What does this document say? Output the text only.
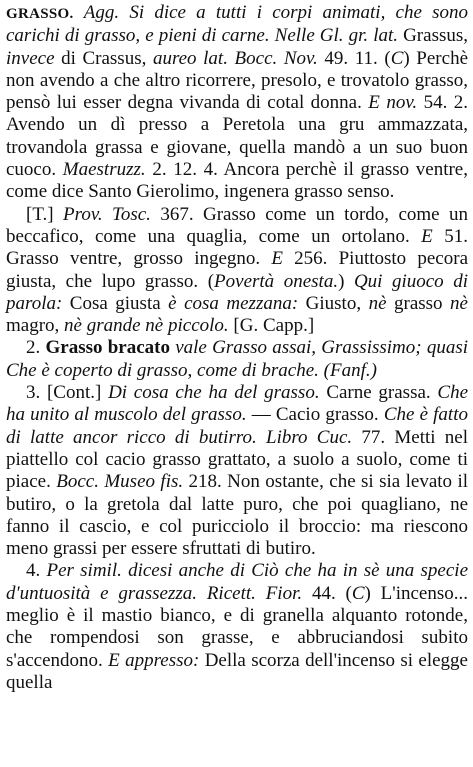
GRASSO. Agg. Si dice a tutti i corpi animati, che sono carichi di grasso, e pieni di carne. Nelle Gl. gr. lat. Grassus, invece di Crassus, aureo lat. Bocc. Nov. 49. 11. (C) Perchè non avendo a che altro ricorrere, presolo, e trovatolo grasso, pensò lui esser degna vivanda di cotal donna. E nov. 54. 2. Avendo un dì presso a Peretola una gru ammazzata, trovandola grassa e giovane, quella mandò a un suo buon cuoco. Maestruzz. 2. 12. 4. Ancora perchè il grasso ventre, come dice Santo Gierolimo, ingenera grasso senso.

[T.] Prov. Tosc. 367. Grasso come un tordo, come un beccafico, come una quaglia, come un ortolano. E 51. Grasso ventre, grosso ingegno. E 256. Piuttosto pecora giusta, che lupo grasso. (Povertà onesta.) Qui giuoco di parola: Cosa giusta è cosa mezzana: Giusto, nè grasso nè magro, nè grande nè piccolo. [G. Capp.]

2. Grasso bracato vale Grasso assai, Grassissimo; quasi Che è coperto di grasso, come di brache. (Fanf.)

3. [Cont.] Di cosa che ha del grasso. Carne grassa. Che ha unito al muscolo del grasso. — Cacio grasso. Che è fatto di latte ancor ricco di butirro. Libro Cuc. 77. Metti nel piattello col cacio grasso grattato, a suolo a suolo, come ti piace. Bocc. Museo fis. 218. Non ostante, che si sia levato il butiro, o la gretola dal latte puro, che poi quagliano, ne fanno il cascio, e col puricciolo il broccio: ma riescono meno grassi per essere sfruttati di butiro.

4. Per simil. dicesi anche di Ciò che ha in sè una specie d'untuosità e grassezza. Ricett. Fior. 44. (C) L'incenso... meglio è il mastio bianco, e di granella alquanto rotonde, che rompendosi son grasse, e abbruciandosi subito s'accendono. E appresso: Della scorza dell'incenso si elegge quella
